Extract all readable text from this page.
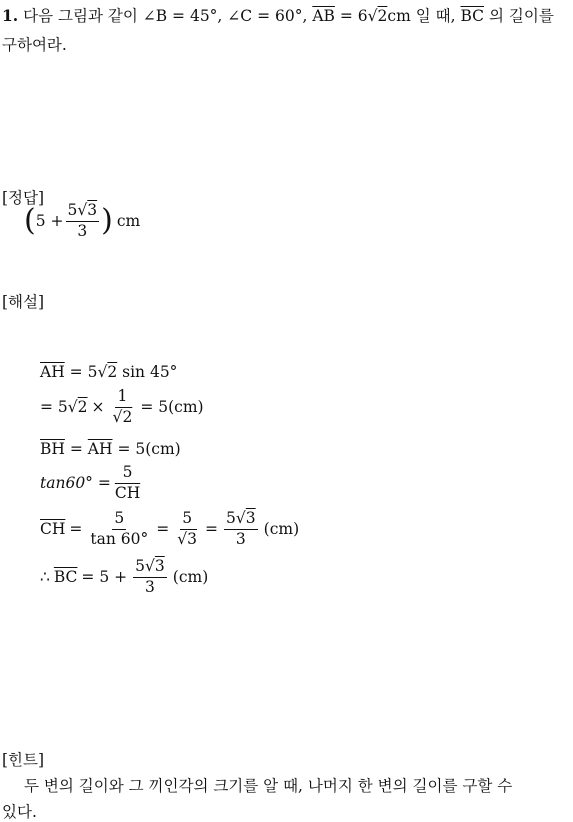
1. 다음 그림과 같이 ∠B = 45°, ∠C = 60°, $\overline{AB} = 6√2cm$ 일 때, $\overline{BC}$ 의 길이를
구하여라.
[정답]
( $5 + \frac{5√3}{3}$ ) cm
[해설]
$\overline{AH} = 5√2$ sin 45°
= 5 √ $2 \times \frac{1}{√2} = 5(cm)$
$\overline{BH} = \overline{AH} = 5(cm)$
$\tan 60^\circ = \frac{5}{CH}$
$\overline{CH} = \frac{5}{\tan 60^\circ} = \frac{5}{√3} = \frac{5√3}{3} (cm)$
∴ $\overline{BC} = 5 + \frac{5√3}{3} (cm)$
[힌트]
두 변의 길이와 그 끼인각의 크기를 알 때, 나머지 한 변의 길이를 구할 수
있다.
